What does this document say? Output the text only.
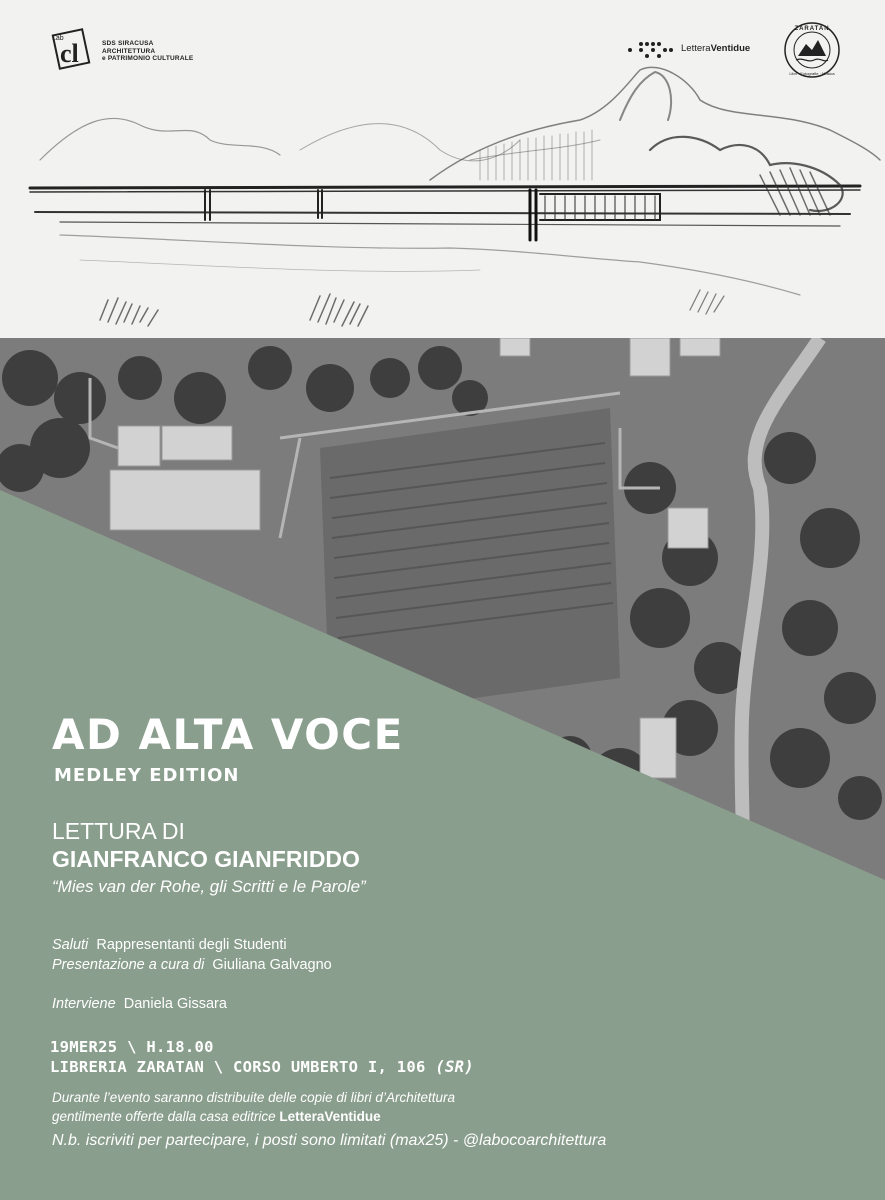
Lab
cl	SDS SIRACUSA
ARCHITETTURA
e PATRIMONIO CULTURALE
LetteraVentidue
ZARATAN
Libri · Fotografie · Musica
AD ALTA VOCE
MEDLEY EDITION
LETTURA DI
GIANFRANCO GIANFRIDDO
“Mies van der Rohe, gli Scritti e le Parole”
Saluti Rappresentanti degli Studenti
Presentazione a cura di Giuliana Galvagno
Interviene Daniela Gissara
19MER25 \ H.18.00
LIBRERIA ZARATAN \ CORSO UMBERTO I, 106 (SR)
Durante l’evento saranno distribuite delle copie di libri d’Architettura
gentilmente offerte dalla casa editrice LetteraVentidue
N.b. iscriviti per partecipare, i posti sono limitati (max25) - @labocoarchitettura
